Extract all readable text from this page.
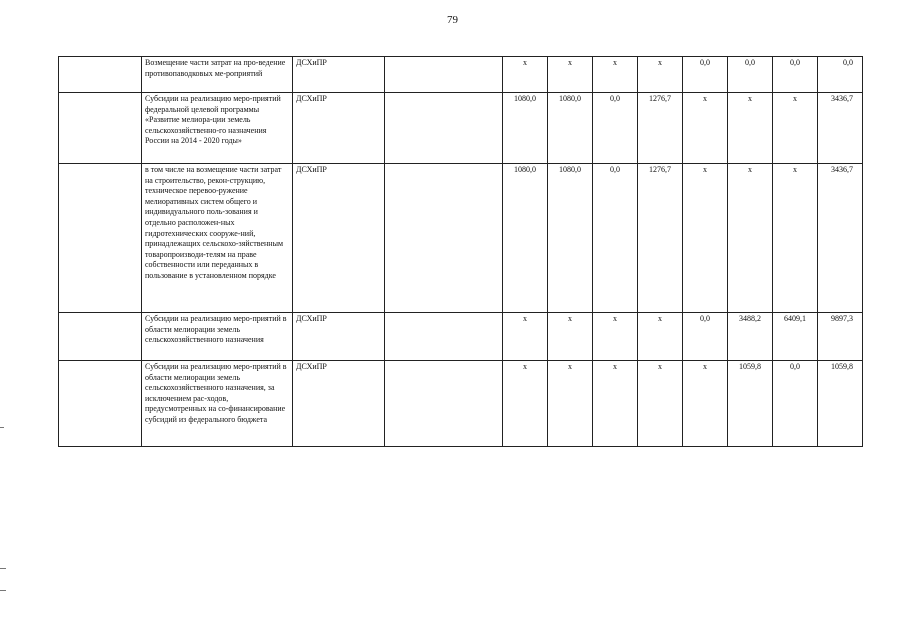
79
	Возмещение части затрат на про-ведение противопаводковых ме-роприятий	ДСХиПР		х	х	х	х	0,0	0,0	0,0	0,0
	Субсидии на реализацию меро-приятий федеральной целевой программы «Развитие мелиора-ции земель сельскохозяйственно-го назначения России на 2014 - 2020 годы»	ДСХиПР		1080,0	1080,0	0,0	1276,7	х	х	х	3436,7
	в том числе на возмещение части затрат на строительство, рекон-струкцию, техническое перевоо-ружение мелиоративных систем общего и индивидуального поль-зования и отдельно расположен-ных гидротехнических сооруже-ний, принадлежащих сельскохо-зяйственным товаропроизводи-телям на праве собственности или переданных в пользование в установленном порядке	ДСХиПР		1080,0	1080,0	0,0	1276,7	х	х	х	3436,7
	Субсидии на реализацию меро-приятий в области мелиорации земель сельскохозяйственного назначения	ДСХиПР		х	х	х	х	0,0	3488,2	6409,1	9897,3
	Субсидии на реализацию меро-приятий в области мелиорации земель сельскохозяйственного назначения, за исключением рас-ходов, предусмотренных на со-финансирование субсидий из федерального бюджета	ДСХиПР		х	х	х	х	х	1059,8	0,0	1059,8
